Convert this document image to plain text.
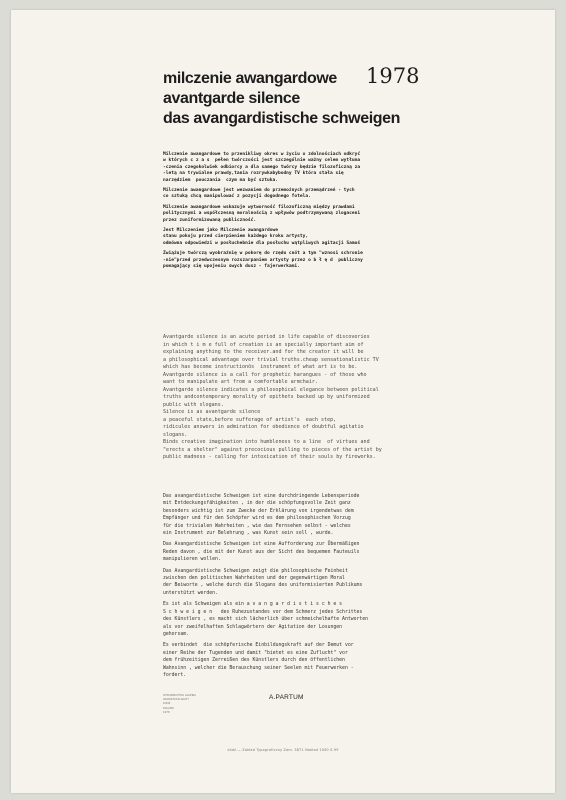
milczenie awangardowe
avantgarde silence
das avangardistische schweigen
1978

Milczenie awangardowe to przenikliwy okres w życiu o zdolnościach odkryć
w których c z a s  pełen twórczości jest szczególnie ważny celem wytłuma
-czenia czegokolwiek odbiorcy a dla samego twórcy będzie filozoficzną za
-letą na trywialne prawdy,tania rozrywkabybodny TV która stała się
narzędziem  pouczania  czym ma być sztuka.

Milczenie awangardowe jest wezwaniem do przemożnych przemądrzeń - tych
co sztuką chcą manipulować z pozycji dogodnego fotela.

Milczenie awangardowe wskazuje wytworność filozoficzną między prawdami
politycznymi a współczesną moralnością z wpływów podtrzymywaną zlogaceni
przez zuniformizowaną publiczność.

Jest Milczeniem jako Milczenie awangardowe
stanu pokoju przed cierpieniem każdego kroku artysty,
odmówna odpowiedzi w posłuchebnie dla posłuchu wątpliwych agitacji Samoś

Zwiążuje twórczą wyobraźnię w pokorę do rzędu cnót a tym "wznosi schronie
-nie"przed przedwczesnym rozszarpaniem artysty przez o b ł ę d  publiczny
pomagający się upojeniu swych dusz - fajerwerkami.

Avantgarde silence is an acute period in life capable of discoveries
in which t i m e full of creation is an specially important aim of
explaining anything to the receiver.and for the creator it will be
a philosophical advantage over trivial truths.cheap sensationalistic TV
which has become instructionös  instrument of what art is to be.

Avantgarde silence is a call for prophetic harangues - of those who
want to manipulate art from a comfortable armchair.

Avantgarde silence indicates a philosophical elegance between political
truths andcontemporary morality of epithets backed up by uniformized
public with slogans.

Silence is as avantgarde silence
a peaceful state,before sufferage of artist's  each step,
ridicules answers in admiration for obedience of doubtful agitatio
slogans.

Binds creative imagination into humbleness to a line  of virtues and
"erects a shelter" against precocious pulling to pieces of the artist by
public madness - calling for intoxication of their souls by fireworks.

Das avangardistische Schweigen ist eine durchdringende Lebensperiode
mit Entdeckungsfähigkeiten , in der die schöpfungsvolle Zeit ganz
besonders wichtig ist zum Zwecke der Erklärung von irgendetwas dem
Empfänger und für den Schöpfer wird es dem philosophischen Vorzug
für die trivialen Wahrheiten , wie das Fernsehen selbst - welches
ein Instrument zur Belehrung , was Kunst sein soll , wurde.

Das Avangardistische Schweigen ist eine Aufforderung zur Übermäßigen
Reden davon , die mit der Kunst aus der Sicht des bequemen Fauteuils
manipulieren wollen.

Das Avangardistische Schweigen zeigt die philosophische Feinheit
zwischen den politischen Wahrheiten und der gegenwärtigen Moral
der Beiworte , welche durch die Slogans des uniformisierten Publikums
unterstützt werden.

Es ist als Schweigen als ein a v a n g a r d i s t i s c h e s
S c h w e i g e n   des Ruhezustandes vor dem Schmerz jedes Schrittes
des Künstlers , es macht sich lächerlich über schmeichelhafte Antworten
als vor zweifelhaften Schlagwörtern der Agitation der Losungen
gehorsam.

Es verbindet  die schöpferische Einbildungskraft auf der Demut vor
einer Reihe der Tugenden und damit "bietet es eine Zuflucht" vor
dem frühzeitigen Zerreißen des Künstlers durch den öffentlichen
Wahnsinn , welcher die Berauschung seiner Seelen mit Feuerwerken -
fordert.

WYDAWNICTWO GALERIA
WARSZTAT-PLAKATY
ŁÓDŹ
POLAND
1978
A.PARTUM
Łódź — Zakład Typograficzny Zam. 3871 Nakład 1000 S-99
